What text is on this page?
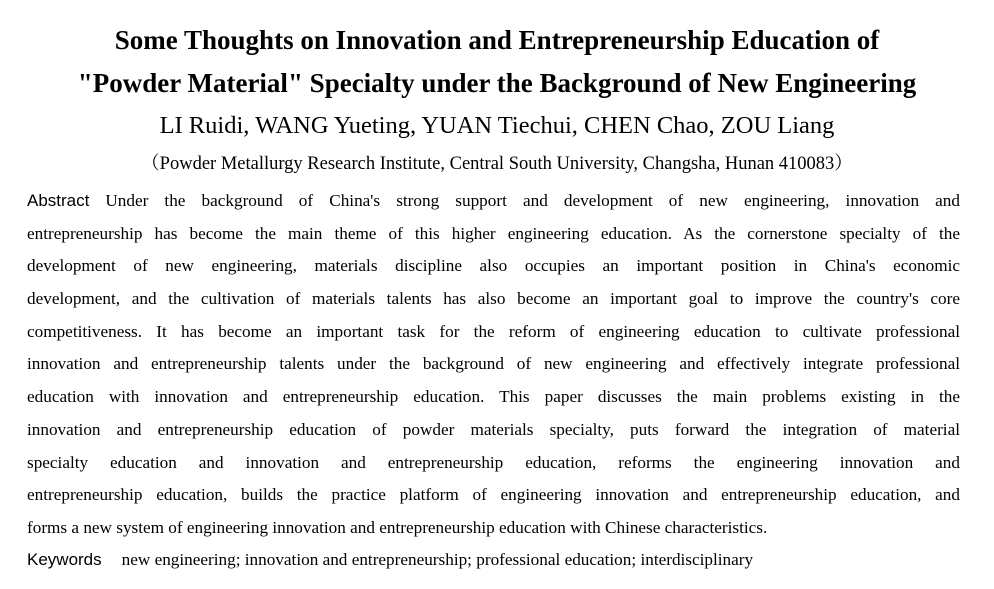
Some Thoughts on Innovation and Entrepreneurship Education of
"Powder Material" Specialty under the Background of New Engineering
LI Ruidi, WANG Yueting, YUAN Tiechui, CHEN Chao, ZOU Liang
（Powder Metallurgy Research Institute, Central South University, Changsha, Hunan 410083）
Abstract Under the background of China's strong support and development of new engineering, innovation and
entrepreneurship has become the main theme of this higher engineering education. As the cornerstone specialty of the
development of new engineering, materials discipline also occupies an important position in China's economic
development, and the cultivation of materials talents has also become an important goal to improve the country's core
competitiveness. It has become an important task for the reform of engineering education to cultivate professional
innovation and entrepreneurship talents under the background of new engineering and effectively integrate professional
education with innovation and entrepreneurship education. This paper discusses the main problems existing in the
innovation and entrepreneurship education of powder materials specialty, puts forward the integration of material
specialty education and innovation and entrepreneurship education, reforms the engineering innovation and
entrepreneurship education, builds the practice platform of engineering innovation and entrepreneurship education, and
forms a new system of engineering innovation and entrepreneurship education with Chinese characteristics.
Keywords new engineering; innovation and entrepreneurship; professional education; interdisciplinary
